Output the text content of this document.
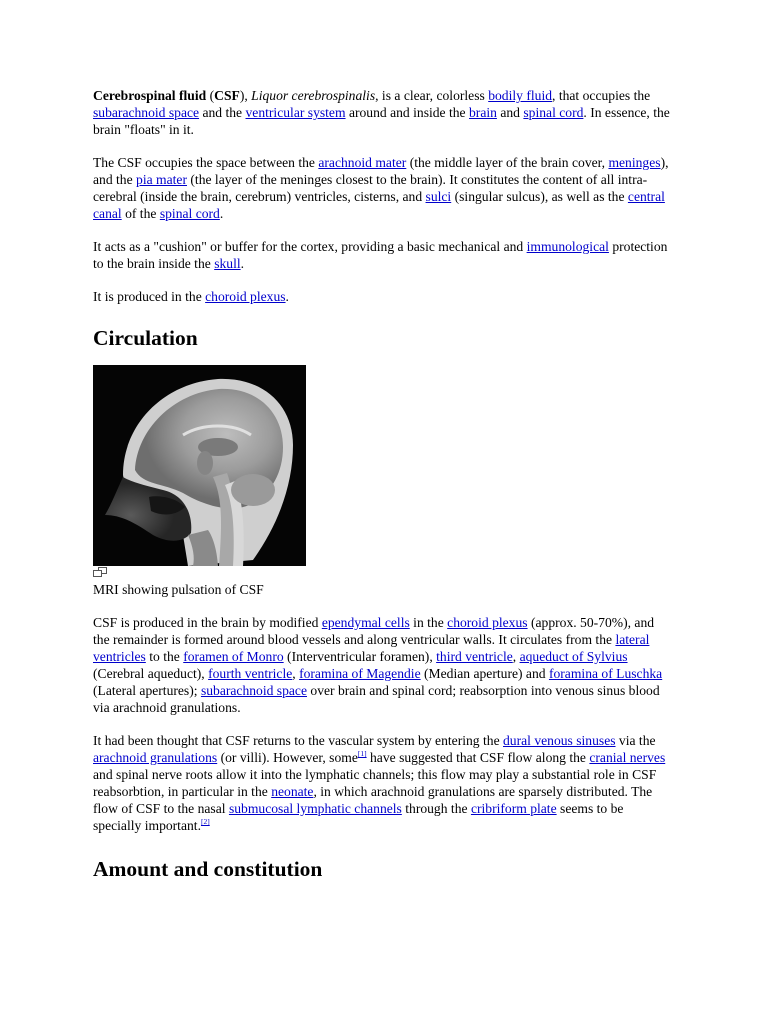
Cerebrospinal fluid (CSF), Liquor cerebrospinalis, is a clear, colorless bodily fluid, that occupies the subarachnoid space and the ventricular system around and inside the brain and spinal cord. In essence, the brain "floats" in it.

The CSF occupies the space between the arachnoid mater (the middle layer of the brain cover, meninges), and the pia mater (the layer of the meninges closest to the brain). It constitutes the content of all intra-cerebral (inside the brain, cerebrum) ventricles, cisterns, and sulci (singular sulcus), as well as the central canal of the spinal cord.

It acts as a "cushion" or buffer for the cortex, providing a basic mechanical and immunological protection to the brain inside the skull.

It is produced in the choroid plexus.

Circulation
MRI showing pulsation of CSF

CSF is produced in the brain by modified ependymal cells in the choroid plexus (approx. 50-70%), and the remainder is formed around blood vessels and along ventricular walls. It circulates from the lateral ventricles to the foramen of Monro (Interventricular foramen), third ventricle, aqueduct of Sylvius (Cerebral aqueduct), fourth ventricle, foramina of Magendie (Median aperture) and foramina of Luschka (Lateral apertures); subarachnoid space over brain and spinal cord; reabsorption into venous sinus blood via arachnoid granulations.

It had been thought that CSF returns to the vascular system by entering the dural venous sinuses via the arachnoid granulations (or villi). However, some[1] have suggested that CSF flow along the cranial nerves and spinal nerve roots allow it into the lymphatic channels; this flow may play a substantial role in CSF reabsorbtion, in particular in the neonate, in which arachnoid granulations are sparsely distributed. The flow of CSF to the nasal submucosal lymphatic channels through the cribriform plate seems to be specially important.[2]

Amount and constitution
